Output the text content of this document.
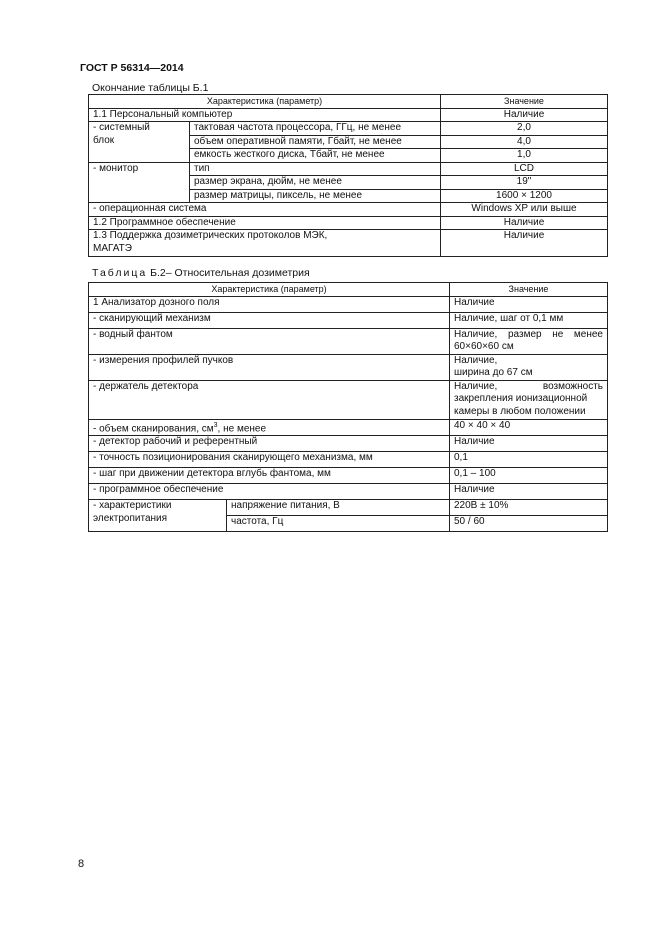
ГОСТ Р 56314—2014
Окончание таблицы Б.1
Характеристика (параметр)		Значение
1.1 Персональный компьютер		Наличие

- системный
блок	тактовая частота процессора, ГГц, не менее	2,0
	объем оперативной памяти, Гбайт, не менее	4,0
	емкость жесткого диска, Тбайт, не менее	1,0
- монитор	тип	LCD
	размер экрана, дюйм, не менее	19"
	размер матрицы, пиксель, не менее	1600 × 1200
- операционная система		Windows XP или выше
1.2 Программное обеспечение		Наличие

1.3 Поддержка дозиметрических протоколов МЭК,
МАГАТЭ		Наличие
Таблица Б.2– Относительная дозиметрия
Характеристика (параметр)		Значение
1 Анализатор дозного поля		Наличие
- сканирующий механизм		Наличие, шаг от 0,1 мм
- водный фантом		Наличие, размер не менее
60×60×60 см

- измерения профилей пучков		Наличие,
ширина до 67 см

- держатель детектора		Наличие, возможность
закрепления ионизационной
камеры в любом положении

- объем сканирования, $см^3$, не менее		40 × 40 × 40
- детектор рабочий и референтный		Наличие
- точность позиционирования сканирующего механизма, мм		0,1
- шаг при движении детектора вглубь фантома, мм		0,1 – 100
- программное обеспечение		Наличие

- характеристики
электропитания	напряжение питания, В	220В ± 10%
	частота, Гц	50 / 60
8
